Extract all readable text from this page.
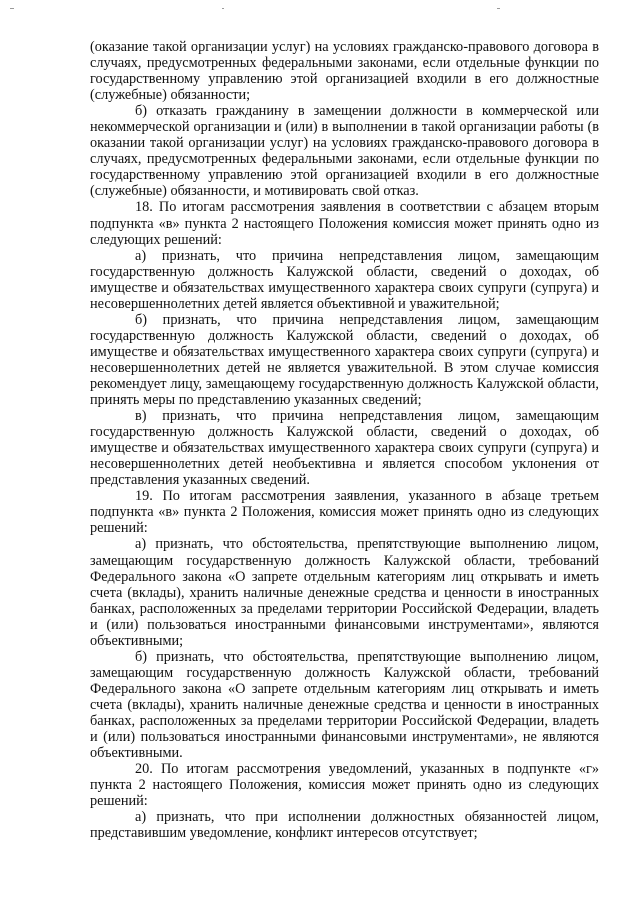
(оказание такой организации услуг) на условиях гражданско-правового договора в случаях, предусмотренных федеральными законами, если отдельные функции по государственному управлению этой организацией входили в его должностные (служебные) обязанности;

б) отказать гражданину в замещении должности в коммерческой или некоммерческой организации и (или) в выполнении в такой организации работы (в оказании такой организации услуг) на условиях гражданско-правового договора в случаях, предусмотренных федеральными законами, если отдельные функции по государственному управлению этой организацией входили в его должностные (служебные) обязанности, и мотивировать свой отказ.

18. По итогам рассмотрения заявления в соответствии с абзацем вторым подпункта «в» пункта 2 настоящего Положения комиссия может принять одно из следующих решений:

а) признать, что причина непредставления лицом, замещающим государственную должность Калужской области, сведений о доходах, об имуществе и обязательствах имущественного характера своих супруги (супруга) и несовершеннолетних детей является объективной и уважительной;

б) признать, что причина непредставления лицом, замещающим государственную должность Калужской области, сведений о доходах, об имуществе и обязательствах имущественного характера своих супруги (супруга) и несовершеннолетних детей не является уважительной. В этом случае комиссия рекомендует лицу, замещающему государственную должность Калужской области, принять меры по представлению указанных сведений;

в) признать, что причина непредставления лицом, замещающим государственную должность Калужской области, сведений о доходах, об имуществе и обязательствах имущественного характера своих супруги (супруга) и несовершеннолетних детей необъективна и является способом уклонения от представления указанных сведений.

19. По итогам рассмотрения заявления, указанного в абзаце третьем подпункта «в» пункта 2 Положения, комиссия может принять одно из следующих решений:

а) признать, что обстоятельства, препятствующие выполнению лицом, замещающим государственную должность Калужской области, требований Федерального закона «О запрете отдельным категориям лиц открывать и иметь счета (вклады), хранить наличные денежные средства и ценности в иностранных банках, расположенных за пределами территории Российской Федерации, владеть и (или) пользоваться иностранными финансовыми инструментами», являются объективными;

б) признать, что обстоятельства, препятствующие выполнению лицом, замещающим государственную должность Калужской области, требований Федерального закона «О запрете отдельным категориям лиц открывать и иметь счета (вклады), хранить наличные денежные средства и ценности в иностранных банках, расположенных за пределами территории Российской Федерации, владеть и (или) пользоваться иностранными финансовыми инструментами», не являются объективными.

20. По итогам рассмотрения уведомлений, указанных в подпункте «г» пункта 2 настоящего Положения, комиссия может принять одно из следующих решений:

а) признать, что при исполнении должностных обязанностей лицом, представившим уведомление, конфликт интересов отсутствует;
